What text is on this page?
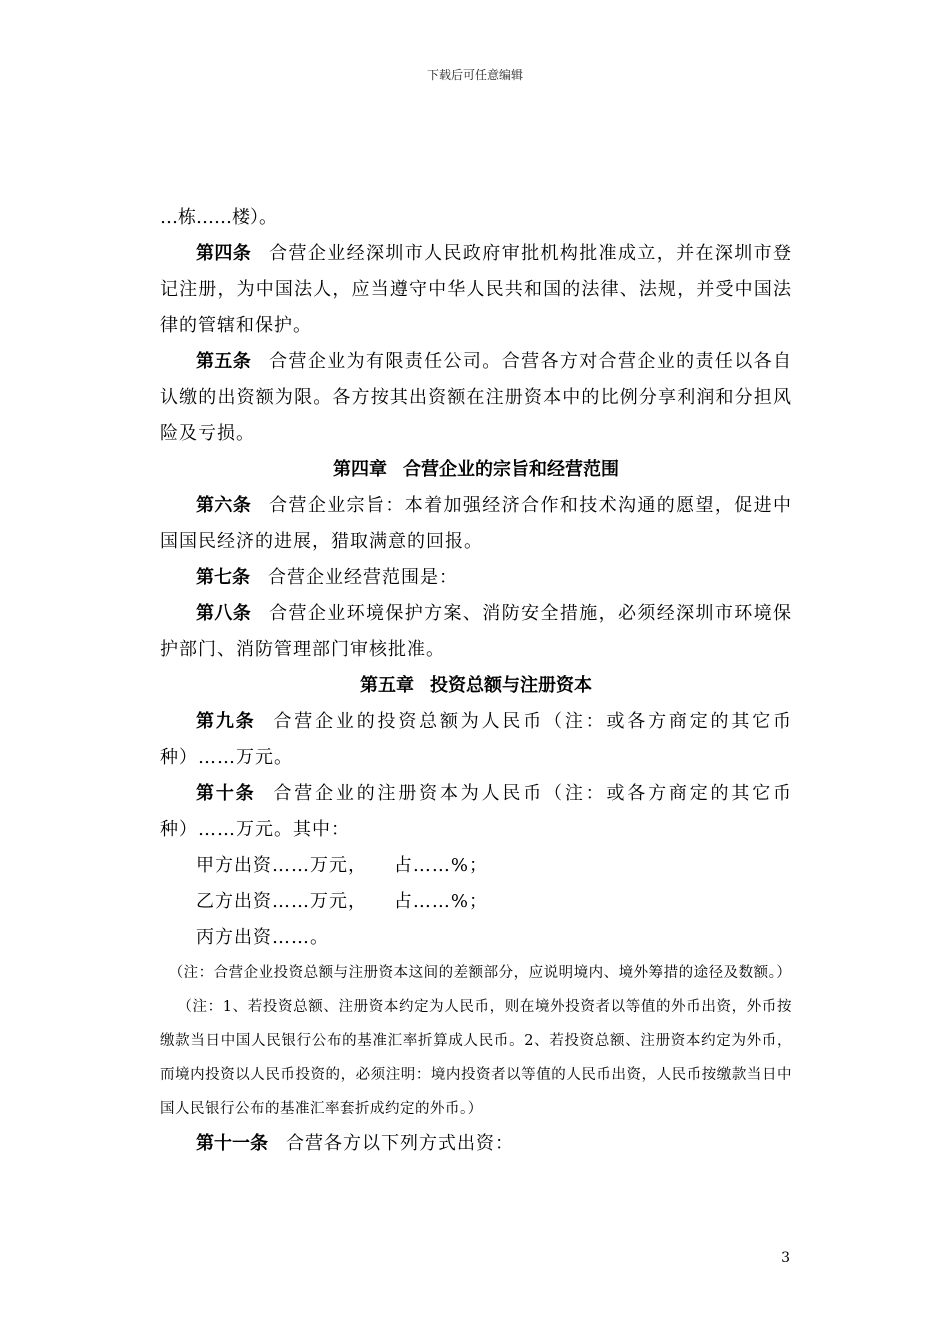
下载后可任意编辑
…栋……楼）。
第四条 合营企业经深圳市人民政府审批机构批准成立，并在深圳市登记注册，为中国法人，应当遵守中华人民共和国的法律、法规，并受中国法律的管辖和保护。
第五条 合营企业为有限责任公司。合营各方对合营企业的责任以各自认缴的出资额为限。各方按其出资额在注册资本中的比例分享利润和分担风险及亏损。
第四章 合营企业的宗旨和经营范围
第六条 合营企业宗旨：本着加强经济合作和技术沟通的愿望，促进中国国民经济的进展，猎取满意的回报。
第七条 合营企业经营范围是：
第八条 合营企业环境保护方案、消防安全措施，必须经深圳市环境保护部门、消防管理部门审核批准。
第五章 投资总额与注册资本
第九条 合营企业的投资总额为人民币（注：或各方商定的其它币种）……万元。
第十条 合营企业的注册资本为人民币（注：或各方商定的其它币种）……万元。其中：
甲方出资……万元，    占……%；
乙方出资……万元，    占……%；
丙方出资……。
（注：合营企业投资总额与注册资本这间的差额部分，应说明境内、境外筹措的途径及数额。）
（注：1、若投资总额、注册资本约定为人民币，则在境外投资者以等值的外币出资，外币按缴款当日中国人民银行公布的基准汇率折算成人民币。2、若投资总额、注册资本约定为外币，而境内投资以人民币投资的，必须注明：境内投资者以等值的人民币出资，人民币按缴款当日中国人民银行公布的基准汇率套折成约定的外币。）
第十一条 合营各方以下列方式出资：
3
